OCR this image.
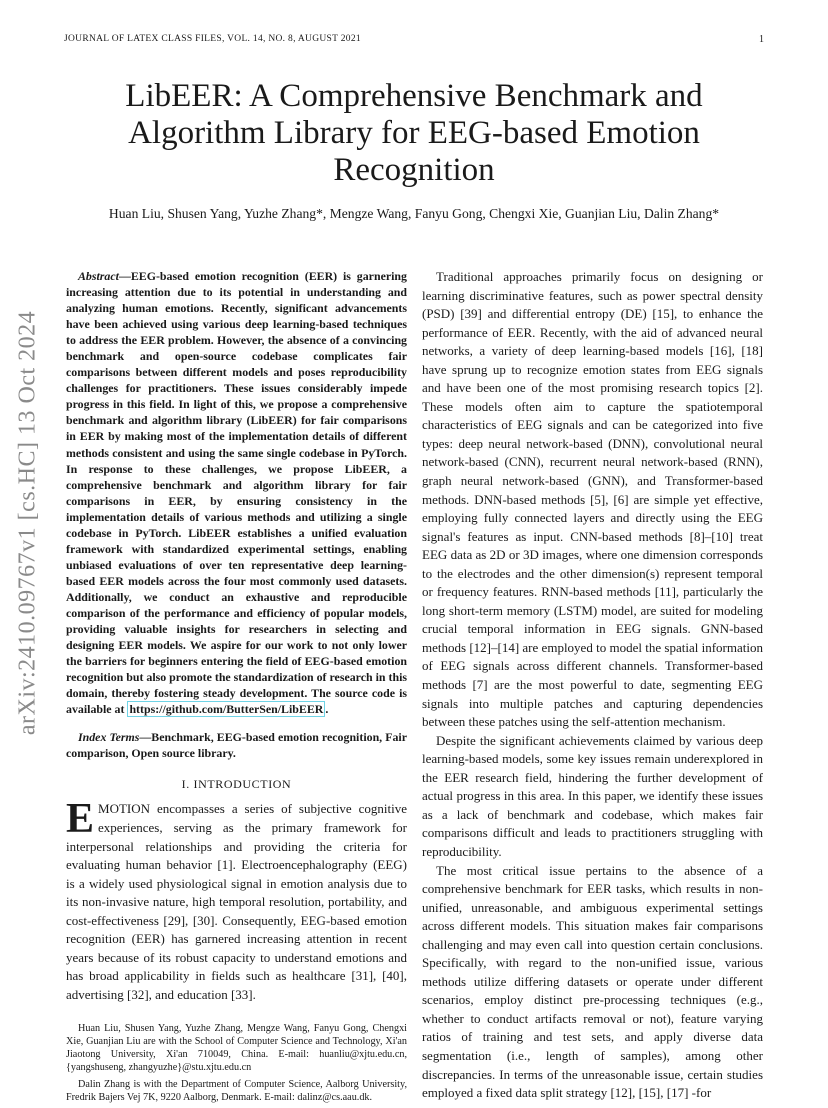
JOURNAL OF LATEX CLASS FILES, VOL. 14, NO. 8, AUGUST 2021	1
arXiv:2410.09767v1 [cs.HC] 13 Oct 2024
LibEER: A Comprehensive Benchmark and
Algorithm Library for EEG-based Emotion
Recognition
Huan Liu, Shusen Yang, Yuzhe Zhang*, Mengze Wang, Fanyu Gong, Chengxi Xie, Guanjian Liu, Dalin Zhang*

Abstract—EEG-based emotion recognition (EER) is garnering increasing attention due to its potential in understanding and analyzing human emotions. Recently, significant advancements have been achieved using various deep learning-based techniques to address the EER problem. However, the absence of a convincing benchmark and open-source codebase complicates fair comparisons between different models and poses reproducibility challenges for practitioners. These issues considerably impede progress in this field. In light of this, we propose a comprehensive benchmark and algorithm library (LibEER) for fair comparisons in EER by making most of the implementation details of different methods consistent and using the same single codebase in PyTorch. In response to these challenges, we propose LibEER, a comprehensive benchmark and algorithm library for fair comparisons in EER, by ensuring consistency in the implementation details of various methods and utilizing a single codebase in PyTorch. LibEER establishes a unified evaluation framework with standardized experimental settings, enabling unbiased evaluations of over ten representative deep learning-based EER models across the four most commonly used datasets. Additionally, we conduct an exhaustive and reproducible comparison of the performance and efficiency of popular models, providing valuable insights for researchers in selecting and designing EER models. We aspire for our work to not only lower the barriers for beginners entering the field of EEG-based emotion recognition but also promote the standardization of research in this domain, thereby fostering steady development. The source code is available at https://github.com/ButterSen/LibEER .

Index Terms—Benchmark, EEG-based emotion recognition, Fair comparison, Open source library.

I. INTRODUCTION

EMOTION encompasses a series of subjective cognitive experiences, serving as the primary framework for interpersonal relationships and providing the criteria for evaluating human behavior [1]. Electroencephalography (EEG) is a widely used physiological signal in emotion analysis due to its non-invasive nature, high temporal resolution, portability, and cost-effectiveness [29], [30]. Consequently, EEG-based emotion recognition (EER) has garnered increasing attention in recent years because of its robust capacity to understand emotions and has broad applicability in fields such as healthcare [31], [40], advertising [32], and education [33].

Huan Liu, Shusen Yang, Yuzhe Zhang, Mengze Wang, Fanyu Gong, Chengxi Xie, Guanjian Liu are with the School of Computer Science and Technology, Xi'an Jiaotong University, Xi'an 710049, China. E-mail: huanliu@xjtu.edu.cn, {yangshuseng, zhangyuzhe}@stu.xjtu.edu.cn

Dalin Zhang is with the Department of Computer Science, Aalborg University, Fredrik Bajers Vej 7K, 9220 Aalborg, Denmark. E-mail: dalinz@cs.aau.dk.

Traditional approaches primarily focus on designing or learning discriminative features, such as power spectral density (PSD) [39] and differential entropy (DE) [15], to enhance the performance of EER. Recently, with the aid of advanced neural networks, a variety of deep learning-based models [16], [18] have sprung up to recognize emotion states from EEG signals and have been one of the most promising research topics [2]. These models often aim to capture the spatiotemporal characteristics of EEG signals and can be categorized into five types: deep neural network-based (DNN), convolutional neural network-based (CNN), recurrent neural network-based (RNN), graph neural network-based (GNN), and Transformer-based methods. DNN-based methods [5], [6] are simple yet effective, employing fully connected layers and directly using the EEG signal's features as input. CNN-based methods [8]–[10] treat EEG data as 2D or 3D images, where one dimension corresponds to the electrodes and the other dimension(s) represent temporal or frequency features. RNN-based methods [11], particularly the long short-term memory (LSTM) model, are suited for modeling crucial temporal information in EEG signals. GNN-based methods [12]–[14] are employed to model the spatial information of EEG signals across different channels. Transformer-based methods [7] are the most powerful to date, segmenting EEG signals into multiple patches and capturing dependencies between these patches using the self-attention mechanism.

Despite the significant achievements claimed by various deep learning-based models, some key issues remain underexplored in the EER research field, hindering the further development of actual progress in this area. In this paper, we identify these issues as a lack of benchmark and codebase, which makes fair comparisons difficult and leads to practitioners struggling with reproducibility.

The most critical issue pertains to the absence of a comprehensive benchmark for EER tasks, which results in non-unified, unreasonable, and ambiguous experimental settings across different models. This situation makes fair comparisons challenging and may even call into question certain conclusions. Specifically, with regard to the non-unified issue, various methods utilize differing datasets or operate under different scenarios, employ distinct pre-processing techniques (e.g., whether to conduct artifacts removal or not), feature varying ratios of training and test sets, and apply diverse data segmentation (i.e., length of samples), among other discrepancies. In terms of the unreasonable issue, certain studies employed a fixed data split strategy [12], [15], [17] -for
